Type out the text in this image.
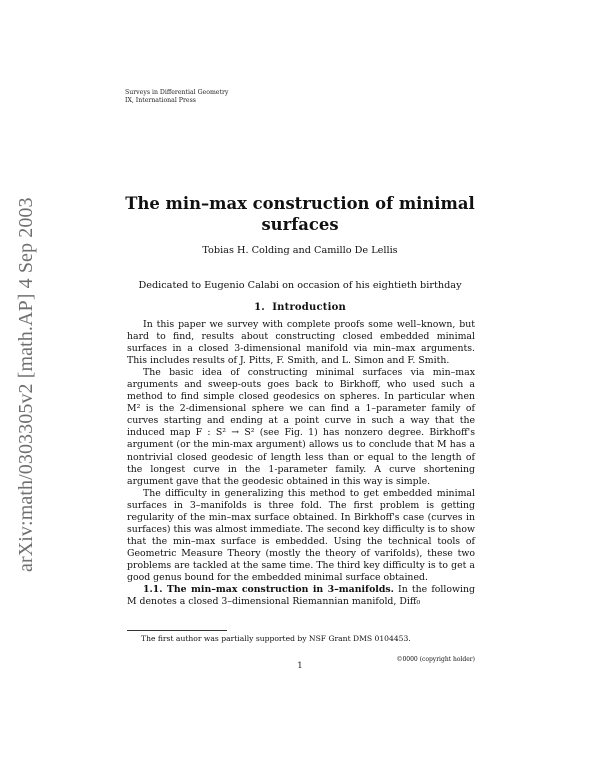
Surveys in Differential Geometry
IX, International Press
arXiv:math/0303305v2 [math.AP] 4 Sep 2003	The min–max construction of minimal surfaces
Tobias H. Colding and Camillo De Lellis
Dedicated to Eugenio Calabi on occasion of his eightieth birthday
1. Introduction

In this paper we survey with complete proofs some well–known, but hard to find, results about constructing closed embedded minimal surfaces in a closed 3-dimensional manifold via min–max arguments. This includes results of J. Pitts, F. Smith, and L. Simon and F. Smith.

The basic idea of constructing minimal surfaces via min–max arguments and sweep-outs goes back to Birkhoff, who used such a method to find simple closed geodesics on spheres. In particular when M² is the 2-dimensional sphere we can find a 1–parameter family of curves starting and ending at a point curve in such a way that the induced map F : S² → S² (see Fig. 1) has nonzero degree. Birkhoff's argument (or the min-max argument) allows us to conclude that M has a nontrivial closed geodesic of length less than or equal to the length of the longest curve in the 1-parameter family. A curve shortening argument gave that the geodesic obtained in this way is simple.

The difficulty in generalizing this method to get embedded minimal surfaces in 3–manifolds is three fold. The first problem is getting regularity of the min–max surface obtained. In Birkhoff's case (curves in surfaces) this was almost immediate. The second key difficulty is to show that the min–max surface is embedded. Using the technical tools of Geometric Measure Theory (mostly the theory of varifolds), these two problems are tackled at the same time. The third key difficulty is to get a good genus bound for the embedded minimal surface obtained.

1.1. The min–max construction in 3–manifolds. In the following M denotes a closed 3–dimensional Riemannian manifold, Diff₀

The first author was partially supported by NSF Grant DMS 0104453.
1
©0000 (copyright holder)
